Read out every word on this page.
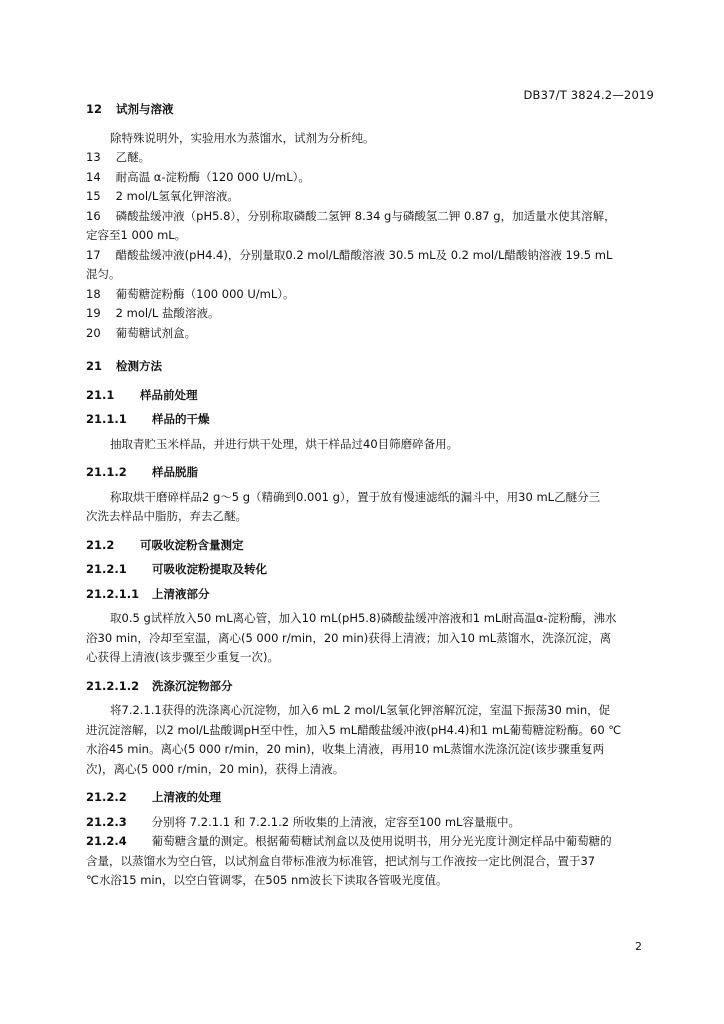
DB37/T 3824.2—2019

12 试剂与溶液

除特殊说明外，实验用水为蒸馏水，试剂为分析纯。

13 乙醚。

14 耐高温 α-淀粉酶（120 000 U/mL）。

15 2 mol/L氢氧化钾溶液。

16 磷酸盐缓冲液（pH5.8），分别称取磷酸二氢钾 8.34 g与磷酸氢二钾 0.87 g，加适量水使其溶解，

定容至1 000 mL。

17 醋酸盐缓冲液(pH4.4)，分别量取0.2 mol/L醋酸溶液 30.5 mL及 0.2 mol/L醋酸钠溶液 19.5 mL

混匀。

18 葡萄糖淀粉酶（100 000 U/mL）。

19 2 mol/L 盐酸溶液。

20 葡萄糖试剂盒。

21 检测方法

21.1 样品前处理

21.1.1 样品的干燥

抽取青贮玉米样品，并进行烘干处理，烘干样品过40目筛磨碎备用。

21.1.2 样品脱脂

称取烘干磨碎样品2 g～5 g（精确到0.001 g），置于放有慢速滤纸的漏斗中，用30 mL乙醚分三

次洗去样品中脂肪，弃去乙醚。

21.2 可吸收淀粉含量测定

21.2.1 可吸收淀粉提取及转化

21.2.1.1 上清液部分

取0.5 g试样放入50 mL离心管，加入10 mL(pH5.8)磷酸盐缓冲溶液和1 mL耐高温α-淀粉酶，沸水

浴30 min，冷却至室温，离心(5 000 r/min，20 min)获得上清液；加入10 mL蒸馏水，洗涤沉淀，离

心获得上清液(该步骤至少重复一次)。

21.2.1.2 洗涤沉淀物部分

将7.2.1.1获得的洗涤离心沉淀物，加入6 mL 2 mol/L氢氧化钾溶解沉淀，室温下振荡30 min，促

进沉淀溶解，以2 mol/L盐酸调pH至中性，加入5 mL醋酸盐缓冲液(pH4.4)和1 mL葡萄糖淀粉酶。60 ℃

水浴45 min。离心(5 000 r/min，20 min)，收集上清液，再用10 mL蒸馏水洗涤沉淀(该步骤重复两

次)，离心(5 000 r/min，20 min)，获得上清液。

21.2.2 上清液的处理

21.2.3 分别将 7.2.1.1 和 7.2.1.2 所收集的上清液，定容至100 mL容量瓶中。

21.2.4 葡萄糖含量的测定。根据葡萄糖试剂盒以及使用说明书，用分光光度计测定样品中葡萄糖的

含量，以蒸馏水为空白管，以试剂盒自带标准液为标准管，把试剂与工作液按一定比例混合，置于37

℃水浴15 min，以空白管调零，在505 nm波长下读取各管吸光度值。

2
